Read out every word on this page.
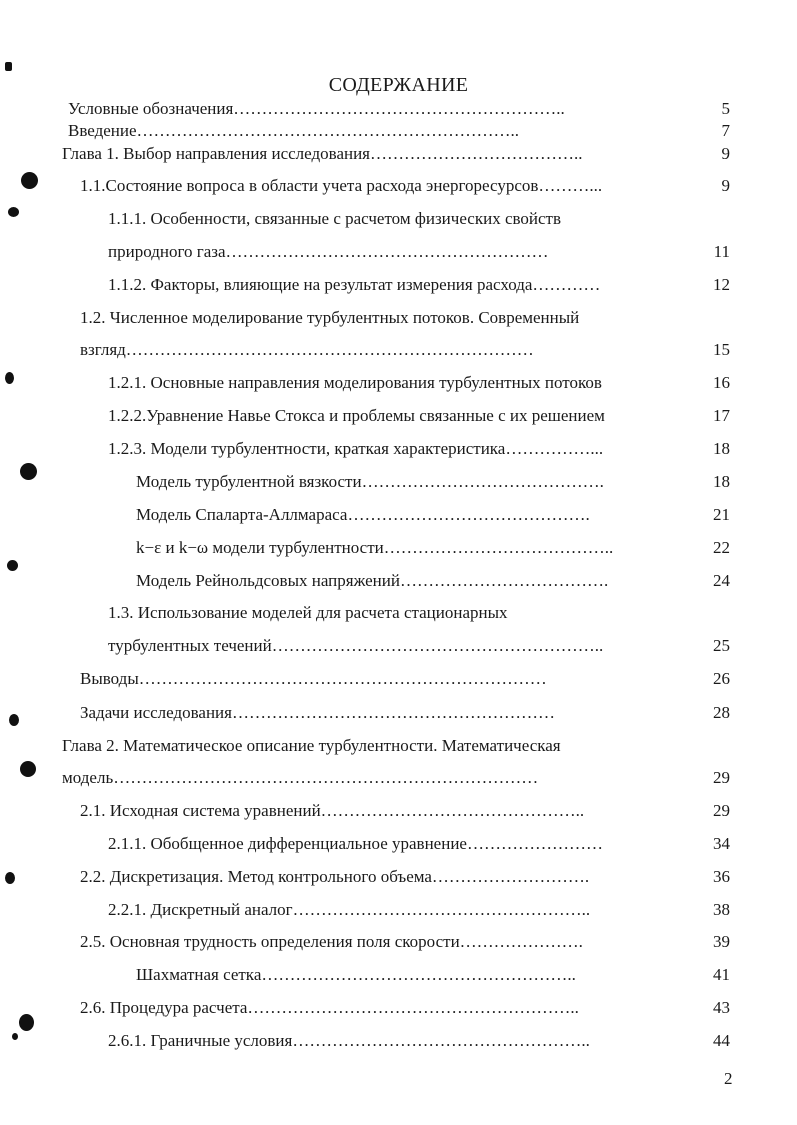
СОДЕРЖАНИЕ
Условные обозначения…………………………………………………..	5
Введение…………………………………………………………..	7
Глава 1. Выбор направления исследования………………………………..	9
1.1.Состояние вопроса в области учета расхода энергоресурсов………...	9
1.1.1. Особенности, связанные с расчетом физических свойств
природного газа…………………………………………………	11
1.1.2. Факторы, влияющие на результат измерения расхода…………	12
1.2. Численное моделирование турбулентных потоков. Современный
взгляд………………………………………………………………	15
1.2.1. Основные направления моделирования турбулентных потоков	16
1.2.2.Уравнение Навье Стокса и проблемы связанные с их решением	17
1.2.3. Модели турбулентности, краткая характеристика……………...	18
Модель турбулентной вязкости…………………………………….	18
Модель Спаларта-Аллмараса…………………………………….	21
k−ε и k−ω модели турбулентности…………………………………..	22
Модель Рейнольдсовых напряжений……………………………….	24
1.3. Использование моделей для расчета стационарных
турбулентных течений…………………………………………………..	25
Выводы………………………………………………………………	26
Задачи исследования…………………………………………………	28
Глава 2. Математическое описание турбулентности. Математическая
модель…………………………………………………………………	29
2.1. Исходная система уравнений………………………………………..	29
2.1.1. Обобщенное дифференциальное уравнение……………………	34
2.2. Дискретизация. Метод контрольного объема……………………….	36
2.2.1. Дискретный аналог……………………………………………..	38
2.5. Основная трудность определения поля скорости………………….	39
Шахматная сетка………………………………………………..	41
2.6. Процедура расчета…………………………………………………..	43
2.6.1. Граничные условия……………………………………………..	44
2
